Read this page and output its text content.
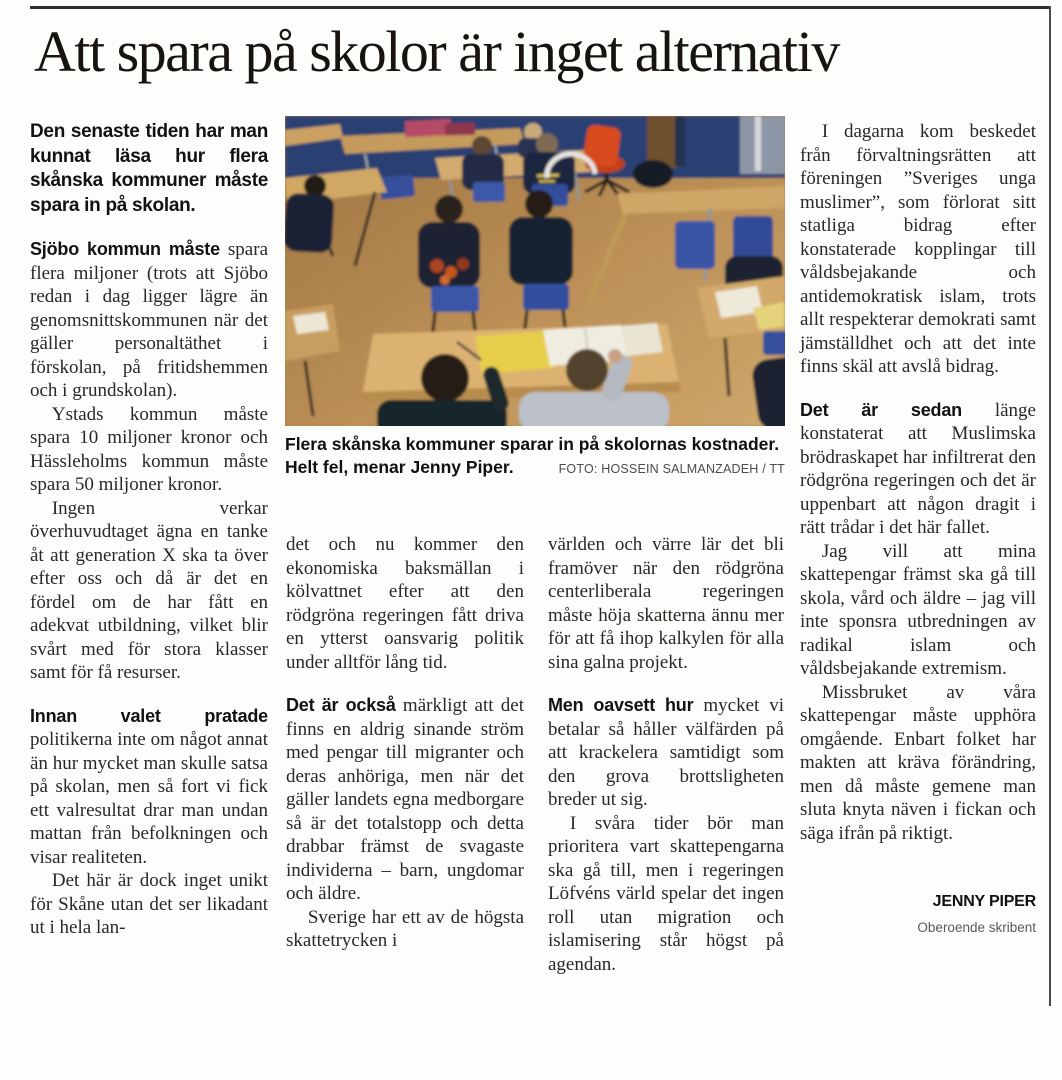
Att spara på skolor är inget alternativ
Flera skånska kommuner sparar in på skolornas kostnader.
Helt fel, menar Jenny Piper.	FOTO: HOSSEIN SALMANZADEH / TT

Den senaste tiden har man kunnat läsa hur flera skånska kommuner måste spara in på skolan.

Sjöbo kommun måste spara flera miljoner (trots att Sjöbo redan i dag ligger lägre än genomsnittskommunen när det gäller personaltäthet i förskolan, på fritidshemmen och i grundskolan).

Ystads kommun måste spara 10 miljoner kronor och Hässleholms kommun måste spara 50 miljoner kronor.

Ingen verkar överhuvudtaget ägna en tanke åt att generation X ska ta över efter oss och då är det en fördel om de har fått en adekvat utbildning, vilket blir svårt med för stora klasser samt för få resurser.

Innan valet pratade politikerna inte om något annat än hur mycket man skulle satsa på skolan, men så fort vi fick ett valresultat drar man undan mattan från befolkningen och visar realiteten.

Det här är dock inget unikt för Skåne utan det ser likadant ut i hela lan-

det och nu kommer den ekonomiska baksmällan i kölvattnet efter att den rödgröna regeringen fått driva en ytterst oansvarig politik under alltför lång tid.

Det är också märkligt att det finns en aldrig sinande ström med pengar till migranter och deras anhöriga, men när det gäller landets egna medborgare så är det totalstopp och detta drabbar främst de svagaste individerna – barn, ungdomar och äldre.

Sverige har ett av de högsta skattetrycken i

världen och värre lär det bli framöver när den rödgröna centerliberala regeringen måste höja skatterna ännu mer för att få ihop kalkylen för alla sina galna projekt.

Men oavsett hur mycket vi betalar så håller välfärden på att krackelera samtidigt som den grova brottsligheten breder ut sig.

I svåra tider bör man prioritera vart skattepengarna ska gå till, men i regeringen Löfvéns värld spelar det ingen roll utan migration och islamisering står högst på agendan.

I dagarna kom beskedet från förvaltningsrätten att föreningen ”Sveriges unga muslimer”, som förlorat sitt statliga bidrag efter konstaterade kopplingar till våldsbejakande och antidemokratisk islam, trots allt respekterar demokrati samt jämställdhet och att det inte finns skäl att avslå bidrag.

Det är sedan länge konstaterat att Muslimska brödraskapet har infiltrerat den rödgröna regeringen och det är uppenbart att någon dragit i rätt trådar i det här fallet.

Jag vill att mina skattepengar främst ska gå till skola, vård och äldre – jag vill inte sponsra utbredningen av radikal islam och våldsbejakande extremism.

Missbruket av våra skattepengar måste upphöra omgående. Enbart folket har makten att kräva förändring, men då måste gemene man sluta knyta näven i fickan och säga ifrån på riktigt.

JENNY PIPER
Oberoende skribent
